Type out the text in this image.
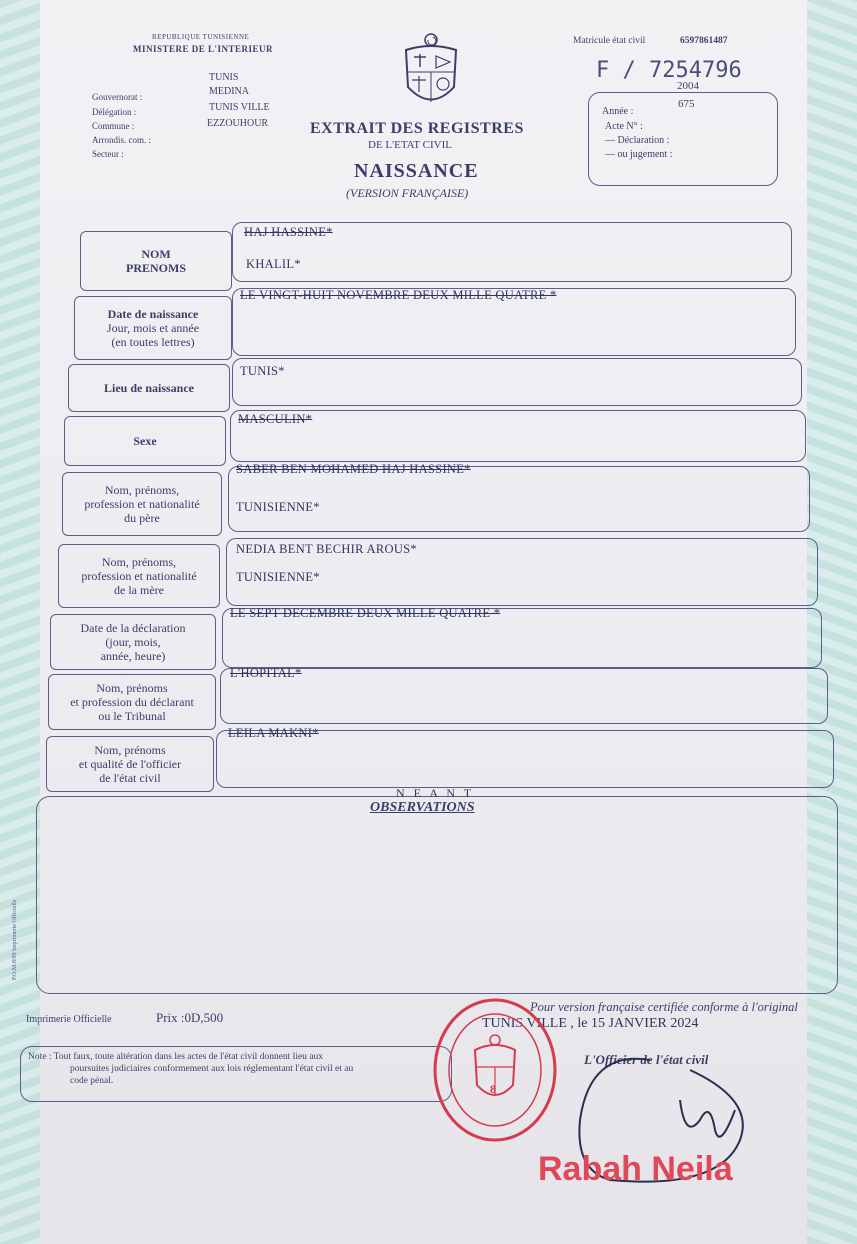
REPUBLIQUE TUNISIENNE
MINISTERE DE L'INTERIEUR
Gouvernorat :
Délégation :
Commune :
Arrondis. com. :
Secteur :
TUNIS
MEDINA
TUNIS VILLE
EZZOUHOUR
Matricule état civil	6597861487
F / 7254796
2004
675
Année :
Acte N° :
— Déclaration :
— ou jugement :
EXTRAIT DES REGISTRES
DE L'ETAT CIVIL
NAISSANCE
(VERSION FRANÇAISE)
NOM
PRENOMS
HAJ HASSINE*
KHALIL*
Date de naissance
Jour, mois et année
(en toutes lettres)
LE VINGT-HUIT NOVEMBRE DEUX MILLE QUATRE *
Lieu de naissance
TUNIS*
Sexe
MASCULIN*
Nom, prénoms,
profession et nationalité
du père
SABER BEN MOHAMED HAJ HASSINE*
TUNISIENNE*
Nom, prénoms,
profession et nationalité
de la mère
NEDIA BENT BECHIR AROUS*
TUNISIENNE*
Date de la déclaration
(jour, mois,
année, heure)
LE SEPT DECEMBRE DEUX MILLE QUATRE *
Nom, prénoms
et profession du déclarant
ou le Tribunal
L'HOPITAL*
Nom, prénoms
et qualité de l'officier
de l'état civil
LEILA MAKNI*
OBSERVATIONS
N E A N T
P.O.M.8/99 Imprimerie Officielle
Imprimerie Officielle	Prix :0D,500
Pour version française certifiée conforme à l'original
TUNIS VILLE , le 15 JANVIER 2024
L'Officier de l'état civil
Note : Tout faux, toute altération dans les actes de l'état civil donnent lieu aux
poursuites judiciaires conformement aux lois réglementant l'état civil et au
code pénal.
8
Rabah Neila
